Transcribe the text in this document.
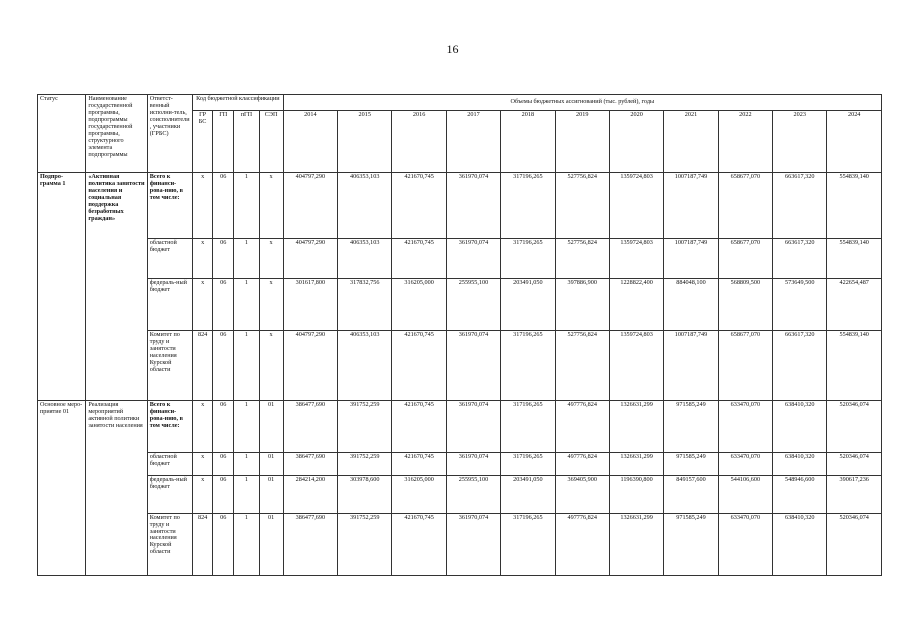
16
Статус	Наименование государственной программы, подпрограммы государственной программы, структурного элемента подпрограммы	Ответст-венный исполни-тель, соисполнители, участники (ГРБС)	Код бюджетной классификации				Объемы бюджетных ассигнований (тыс. рублей), годы										
			ГР БС	ГП	пГП	СЭП	2014	2015	2016	2017	2018	2019	2020	2021	2022	2023	2024
Подпро-грамма 1	«Активная политика занятости населения и социальная поддержка безработных граждан»	Всего к финанси-рова-нию, в том числе:	х	06	1	х	404797,290	406353,103	421670,745	361970,074	317196,265	527756,824	1359724,803	1007187,749	658677,070	663617,320	554839,140
		областной бюджет	х	06	1	х	404797,290	406353,103	421670,745	361970,074	317196,265	527756,824	1359724,803	1007187,749	658677,070	663617,320	554839,140
		федераль-ный бюджет	х	06	1	х	301617,800	317832,756	316205,000	255955,100	203491,050	397886,900	1228822,400	884048,100	568809,500	573649,500	422654,487
		Комитет по труду и занятости населения Курской области	824	06	1	х	404797,290	406353,103	421670,745	361970,074	317196,265	527756,824	1359724,803	1007187,749	658677,070	663617,320	554839,140
Основное меро-приятие 01	Реализация мероприятий активной политики занятости населения	Всего к финанси-рова-нию, в том числе:	х	06	1	01	386477,690	391752,259	421670,745	361970,074	317196,265	497776,824	1326631,299	971585,249	633470,070	638410,320	520346,074
		областной бюджет	х	06	1	01	386477,690	391752,259	421670,745	361970,074	317196,265	497776,824	1326631,299	971585,249	633470,070	638410,320	520346,074
		федераль-ный бюджет	х	06	1	01	284214,200	303978,600	316205,000	255955,100	203491,050	369405,900	1196390,800	849157,600	544106,600	548946,600	390617,236
		Комитет по труду и занятости населения Курской области	824	06	1	01	386477,690	391752,259	421670,745	361970,074	317196,265	497776,824	1326631,299	971585,249	633470,070	638410,320	520346,074
